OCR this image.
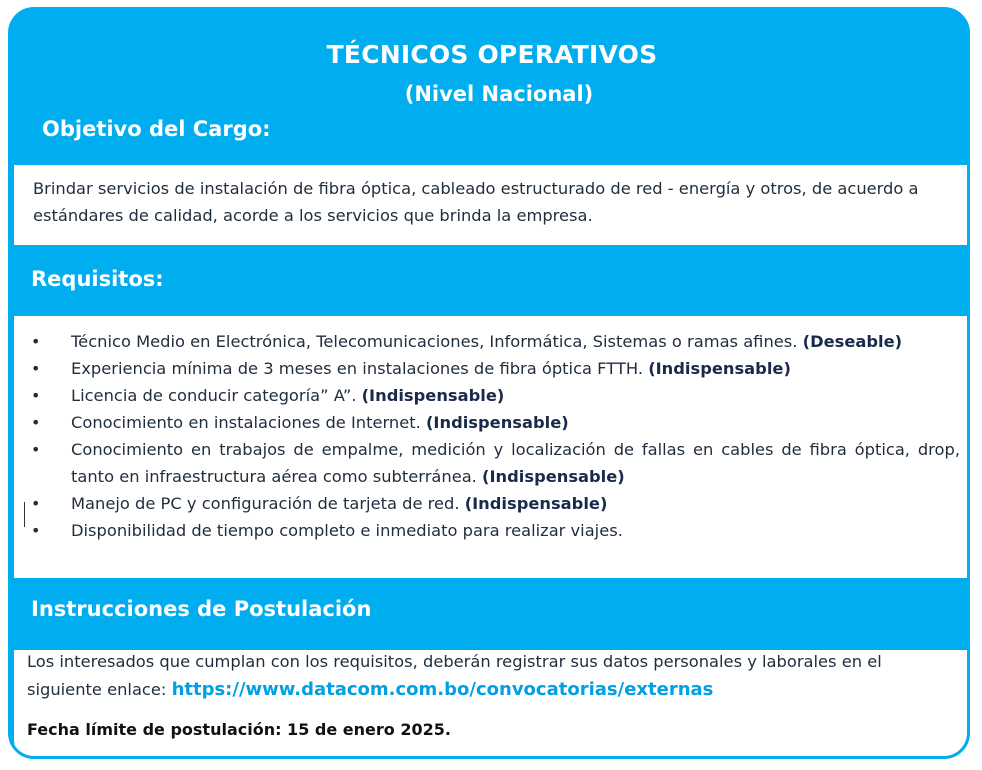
TÉCNICOS OPERATIVOS
(Nivel Nacional)
Objetivo del Cargo:
Brindar servicios de instalación de fibra óptica, cableado estructurado de red - energía y otros, de acuerdo a estándares de calidad, acorde a los servicios que brinda la empresa.
Requisitos:
• Técnico Medio en Electrónica, Telecomunicaciones, Informática, Sistemas o ramas afines. (Deseable)
• Experiencia mínima de 3 meses en instalaciones de fibra óptica FTTH. (Indispensable)
• Licencia de conducir categoría” A”. (Indispensable)
• Conocimiento en instalaciones de Internet. (Indispensable)
• Conocimiento en trabajos de empalme, medición y localización de fallas en cables de fibra óptica, drop, tanto en infraestructura aérea como subterránea. (Indispensable)
• Manejo de PC y configuración de tarjeta de red. (Indispensable)
• Disponibilidad de tiempo completo e inmediato para realizar viajes.
Instrucciones de Postulación
Los interesados que cumplan con los requisitos, deberán registrar sus datos personales y laborales en el siguiente enlace: https://www.datacom.com.bo/convocatorias/externas
Fecha límite de postulación: 15 de enero 2025.
